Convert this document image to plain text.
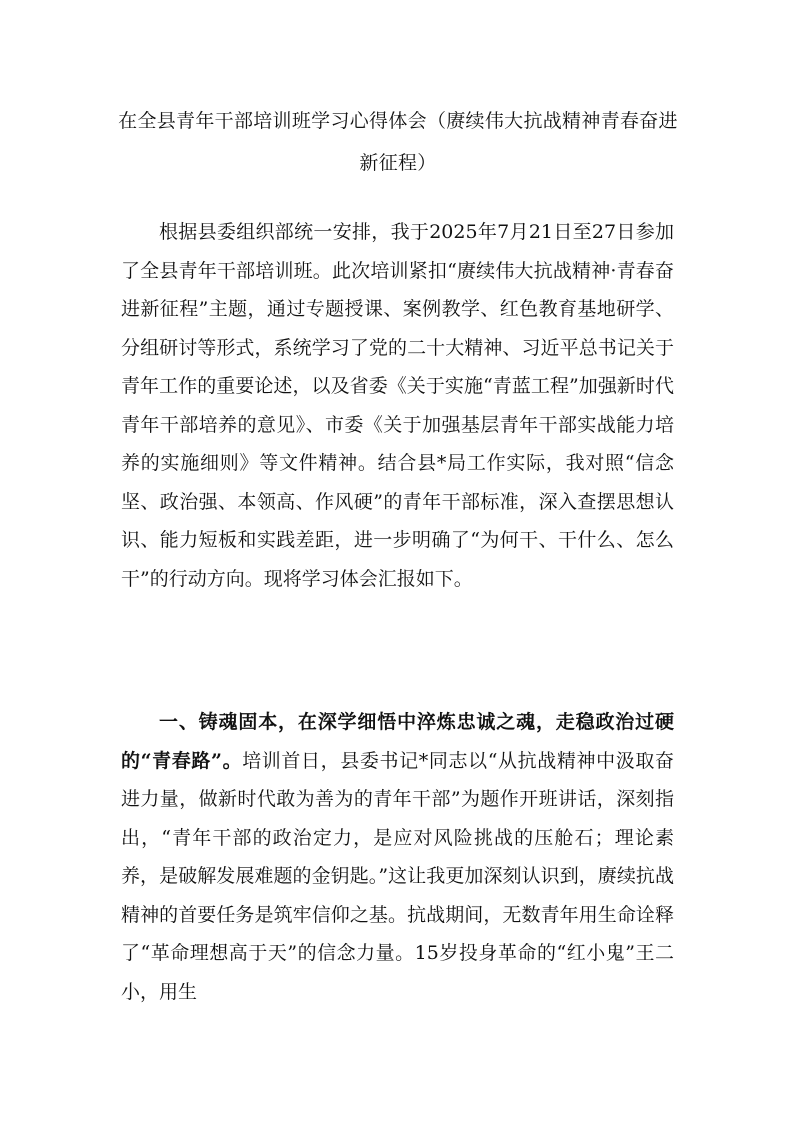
在全县青年干部培训班学习心得体会（赓续伟大抗战精神青春奋进新征程）

根据县委组织部统一安排，我于2025年7月21日至27日参加了全县青年干部培训班。此次培训紧扣“赓续伟大抗战精神·青春奋进新征程”主题，通过专题授课、案例教学、红色教育基地研学、分组研讨等形式，系统学习了党的二十大精神、习近平总书记关于青年工作的重要论述，以及省委《关于实施“青蓝工程”加强新时代青年干部培养的意见》、市委《关于加强基层青年干部实战能力培养的实施细则》等文件精神。结合县*局工作实际，我对照“信念坚、政治强、本领高、作风硬”的青年干部标准，深入查摆思想认识、能力短板和实践差距，进一步明确了“为何干、干什么、怎么干”的行动方向。现将学习体会汇报如下。

一、铸魂固本，在深学细悟中淬炼忠诚之魂，走稳政治过硬的“青春路”。培训首日，县委书记*同志以“从抗战精神中汲取奋进力量，做新时代敢为善为的青年干部”为题作开班讲话，深刻指出，“青年干部的政治定力，是应对风险挑战的压舱石；理论素养，是破解发展难题的金钥匙。”这让我更加深刻认识到，赓续抗战精神的首要任务是筑牢信仰之基。抗战期间，无数青年用生命诠释了“革命理想高于天”的信念力量。15岁投身革命的“红小鬼”王二小，用生
